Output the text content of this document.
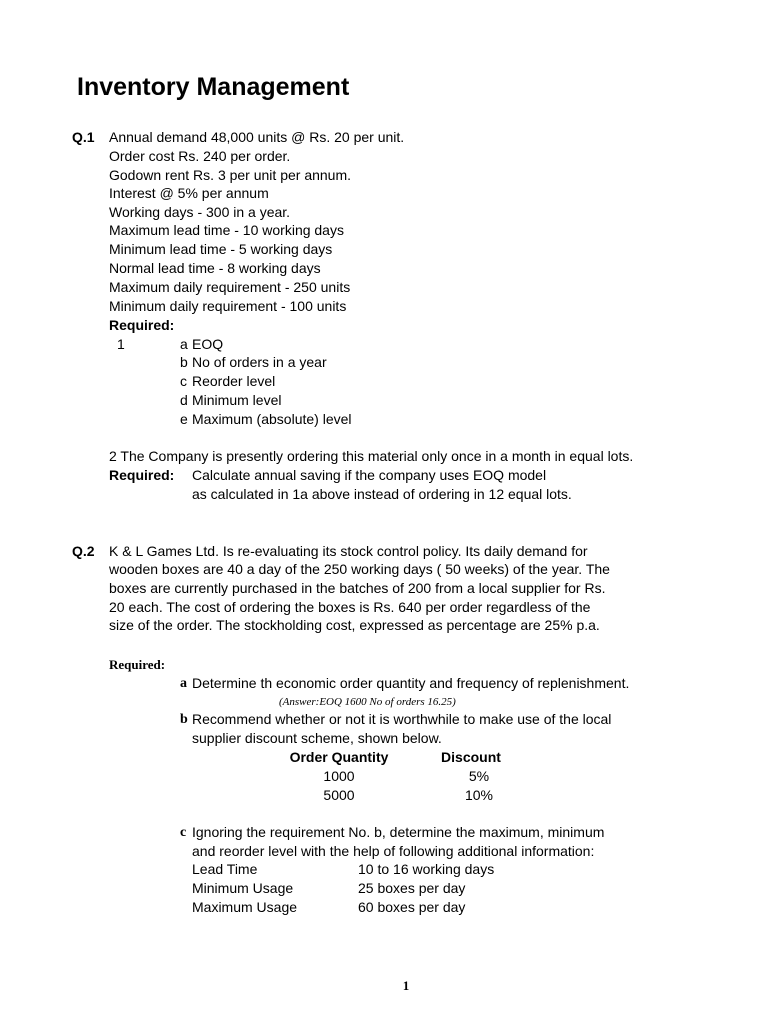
Inventory Management
Q.1 Annual demand 48,000 units @ Rs. 20 per unit.
Order cost Rs. 240 per order.
Godown rent Rs. 3 per unit per annum.
Interest @ 5% per annum
Working days - 300 in a year.
Maximum lead time - 10 working days
Minimum lead time - 5 working days
Normal lead time - 8 working days
Maximum daily requirement - 250 units
Minimum daily requirement - 100 units
Required:
1	a EOQ
b No of orders in a year
c Reorder level
d Minimum level
e Maximum (absolute) level
2 The Company is presently ordering this material only once in a month in equal lots.
Required: Calculate annual saving if the company uses EOQ model
as calculated in 1a above instead of ordering in 12 equal lots.
Q.2 K & L Games Ltd. Is re-evaluating its stock control policy. Its daily demand for
wooden boxes are 40 a day of the 250 working days ( 50 weeks) of the year. The
boxes are currently purchased in the batches of 200 from a local supplier for Rs.
20 each. The cost of ordering the boxes is Rs. 640 per order regardless of the
size of the order. The stockholding cost, expressed as percentage are 25% p.a.
Required:
a Determine th economic order quantity and frequency of replenishment.
(Answer:EOQ 1600 No of orders 16.25)
b Recommend whether or not it is worthwhile to make use of the local
supplier discount scheme, shown below.
Order Quantity	Discount
1000	5%
5000	10%
c Ignoring the requirement No. b, determine the maximum, minimum
and reorder level with the help of following additional information:
Lead Time	10 to 16 working days
Minimum Usage	25 boxes per day
Maximum Usage	60 boxes per day
1
